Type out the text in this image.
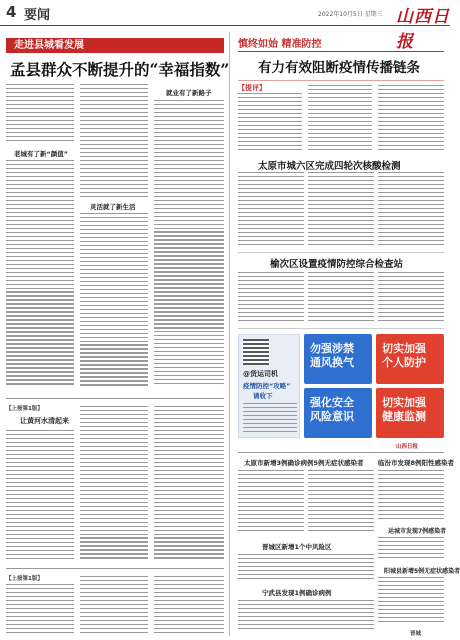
4 要闻	2022年10月5日 星期三 山西日报
走进县城看发展
孟县群众不断提升的“幸福指数”
老城有了新“颜值”
灵活就了新生活
就业有了新路子
【上接第1版】
让黄河水清起来
【上接第1版】
慎终如始 精准防控
有力有效阻断疫情传播链条
【提评】
太原市城六区完成四轮次核酸检测
榆次区设置疫情防控综合检查站
@货运司机
疫情防控“攻略”
请收下
勿强涉禁
通风换气
切实加强
个人防护
强化安全
风险意识
切实加强
健康监测
山西日报
太原市新增3例确诊病例5例无症状感染者 临汾市发现8例阳性感染者
运城市发现7例感染者
晋城区新增1个中风险区
宁武县发现1例确诊病例
阳城县新增5例无症状感染者
晋城
